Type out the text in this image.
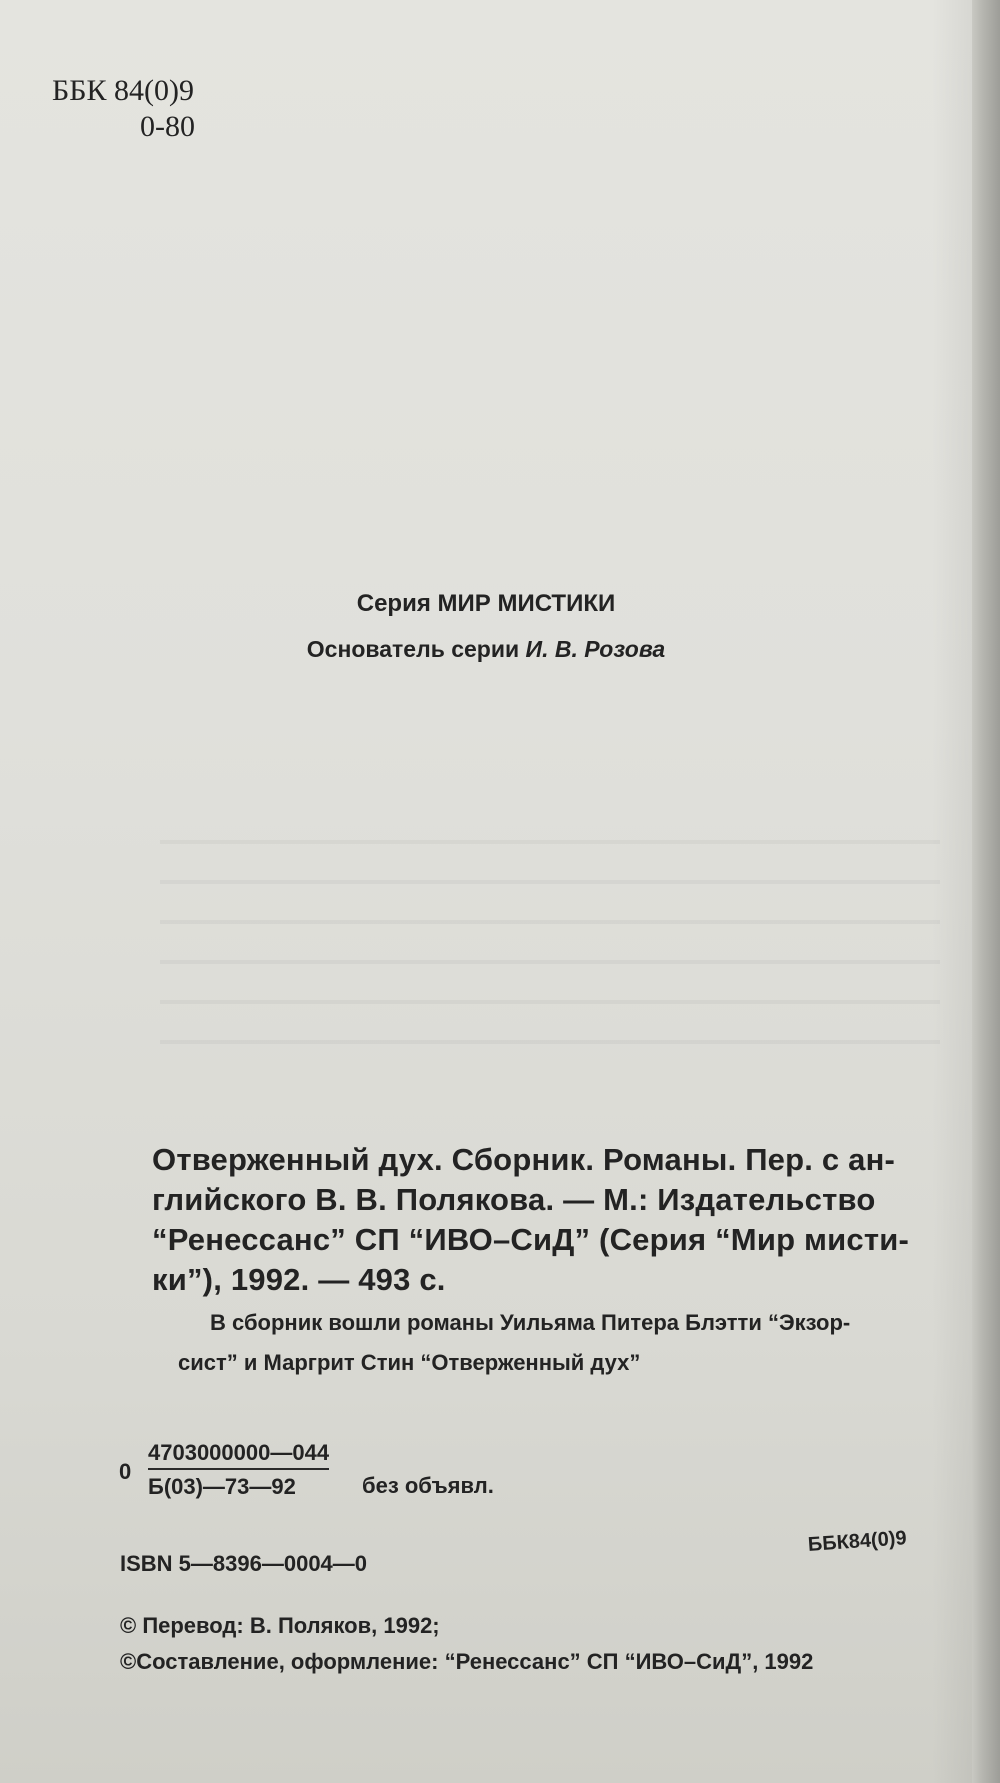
ББК 84(0)9
0-80
Серия МИР МИСТИКИ
Основатель серии И. В. Розова
Отверженный дух. Сборник. Романы. Пер. с ан-
глийского В. В. Полякова. — М.: Издательство
“Ренессанс” СП “ИВО–СиД” (Серия “Мир мисти-
ки”), 1992. — 493 с.
В сборник вошли романы Уильяма Питера Блэтти “Экзор-
сист” и Маргрит Стин “Отверженный дух”
0
4703000000—044
Б(03)—73—92	без объявл.
ISBN 5—8396—0004—0
ББК84(0)9
© Перевод: В. Поляков, 1992;
©Составление, оформление: “Ренессанс” СП “ИВО–СиД”, 1992
